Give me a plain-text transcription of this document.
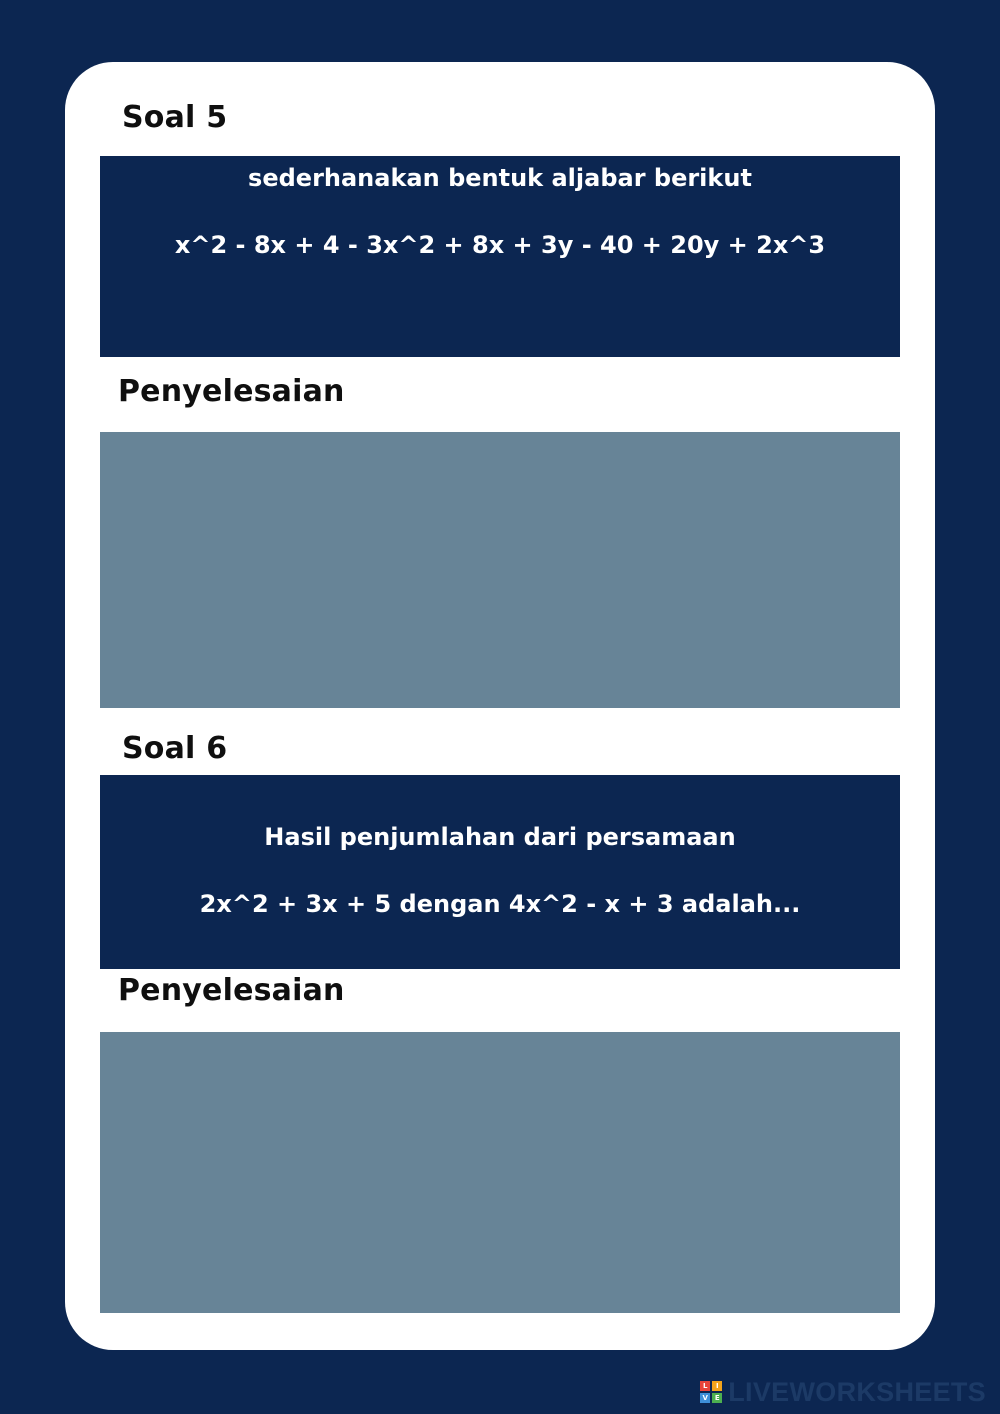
Soal 5
sederhanakan bentuk aljabar berikut
x^2 - 8x + 4 - 3x^2 + 8x + 3y - 40 + 20y + 2x^3
Penyelesaian
Soal 6
Hasil penjumlahan dari persamaan
2x^2 + 3x + 5 dengan 4x^2 - x + 3 adalah...
Penyelesaian
L	I
V E LIVEWORKSHEETS
